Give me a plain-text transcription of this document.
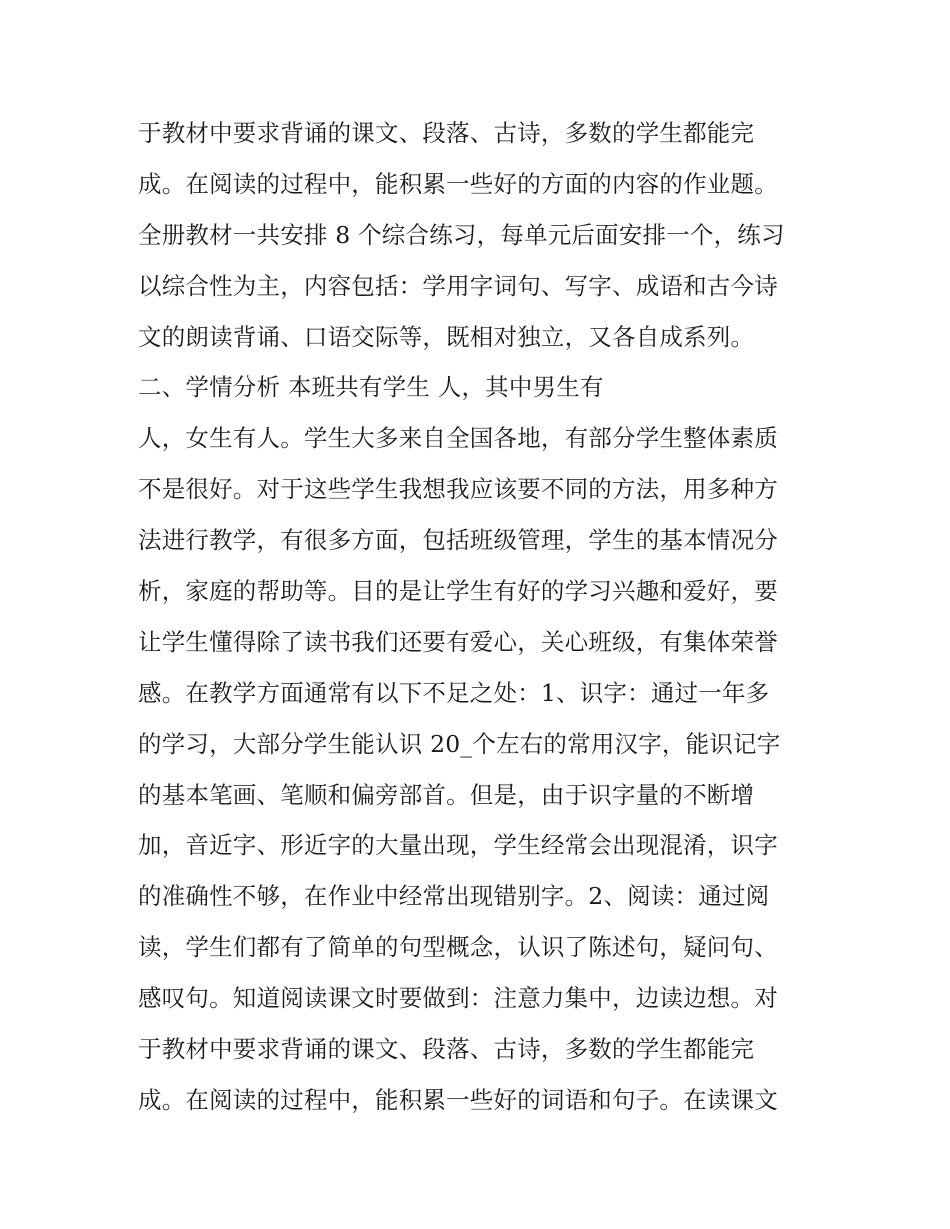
于教材中要求背诵的课文、段落、古诗，多数的学生都能完
成。在阅读的过程中，能积累一些好的方面的内容的作业题。
全册教材一共安排 8 个综合练习，每单元后面安排一个，练习
以综合性为主，内容包括：学用字词句、写字、成语和古今诗
文的朗读背诵、口语交际等，既相对独立，又各自成系列。
二、学情分析 本班共有学生 人，其中男生有
人，女生有人。学生大多来自全国各地，有部分学生整体素质
不是很好。对于这些学生我想我应该要不同的方法，用多种方
法进行教学，有很多方面，包括班级管理，学生的基本情况分
析，家庭的帮助等。目的是让学生有好的学习兴趣和爱好，要
让学生懂得除了读书我们还要有爱心，关心班级，有集体荣誉
感。在教学方面通常有以下不足之处：1、识字：通过一年多
的学习，大部分学生能认识 20_个左右的常用汉字，能识记字
的基本笔画、笔顺和偏旁部首。但是，由于识字量的不断增
加，音近字、形近字的大量出现，学生经常会出现混淆，识字
的准确性不够，在作业中经常出现错别字。2、阅读：通过阅
读，学生们都有了简单的句型概念，认识了陈述句，疑问句、
感叹句。知道阅读课文时要做到：注意力集中，边读边想。对
于教材中要求背诵的课文、段落、古诗，多数的学生都能完
成。在阅读的过程中，能积累一些好的词语和句子。在读课文
